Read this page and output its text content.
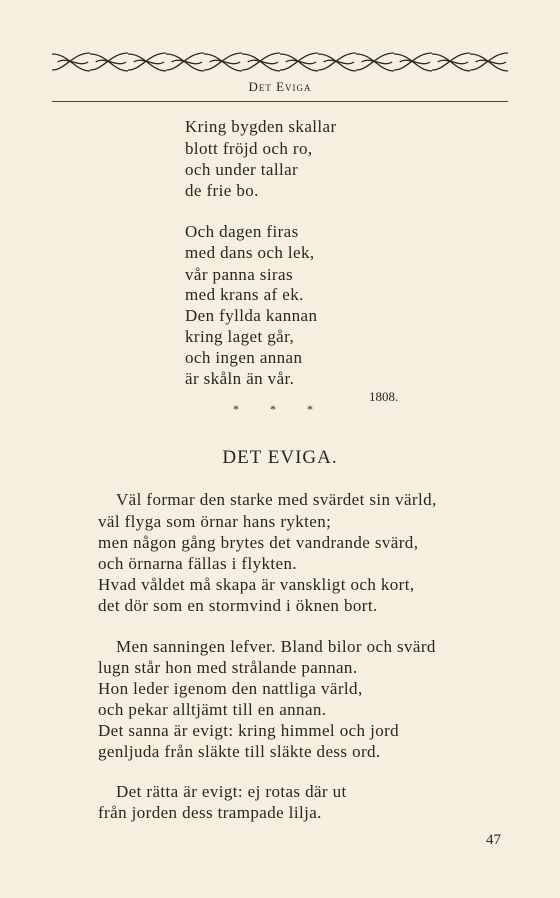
Det Eviga
Kring bygden skallar
blott fröjd och ro,
och under tallar
de frie bo.
Och dagen firas
med dans och lek,
vår panna siras
med krans af ek.
Den fyllda kannan
kring laget går,
och ingen annan
är skåln än vår.
1808.
* * *
DET EVIGA.
Väl formar den starke med svärdet sin värld,
väl flyga som örnar hans rykten;
men någon gång brytes det vandrande svärd,
och örnarna fällas i flykten.
Hvad våldet må skapa är vanskligt och kort,
det dör som en stormvind i öknen bort.
Men sanningen lefver. Bland bilor och svärd
lugn står hon med strålande pannan.
Hon leder igenom den nattliga värld,
och pekar alltjämt till en annan.
Det sanna är evigt: kring himmel och jord
genljuda från släkte till släkte dess ord.
Det rätta är evigt: ej rotas där ut
från jorden dess trampade lilja.
47
